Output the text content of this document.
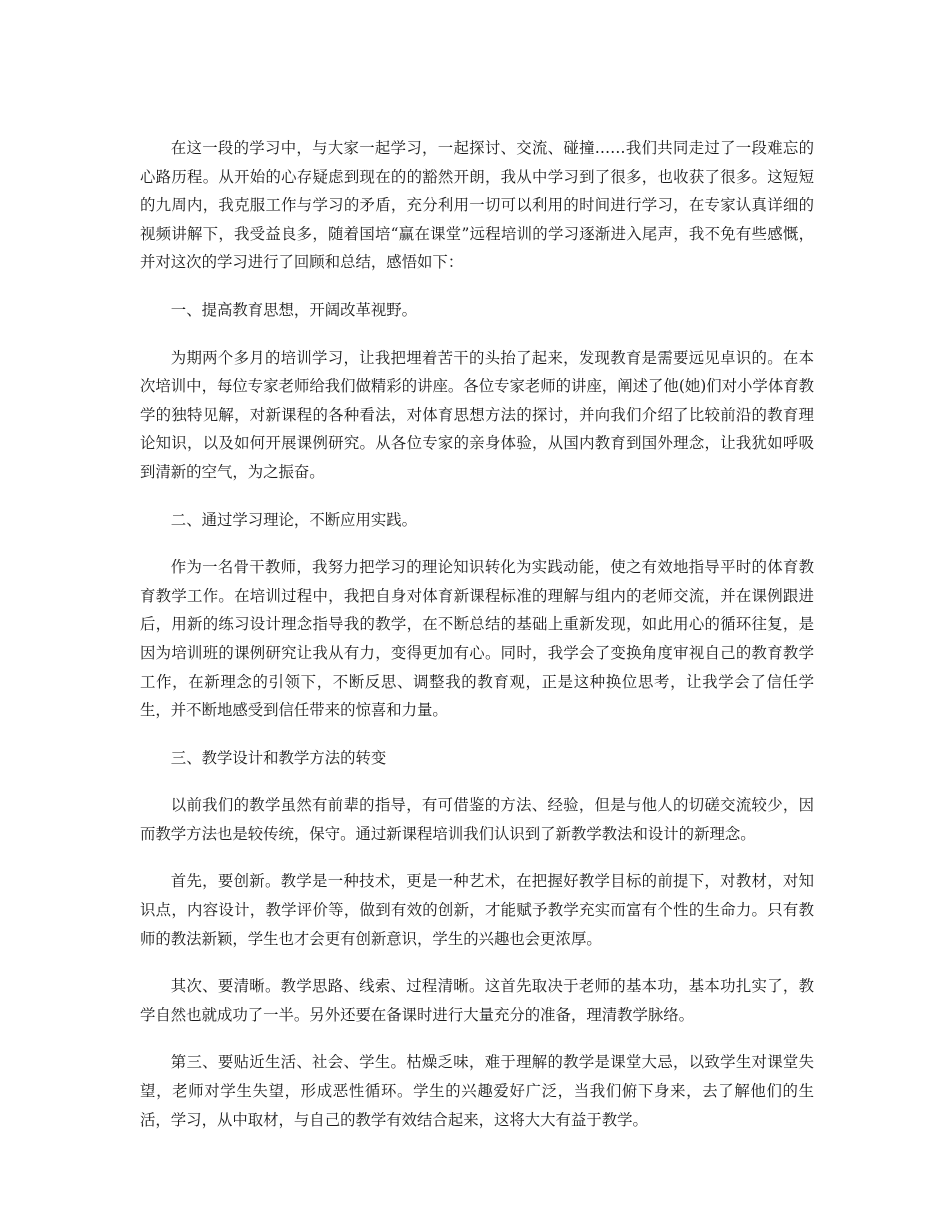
在这一段的学习中，与大家一起学习，一起探讨、交流、碰撞……我们共同走过了一段难忘的心路历程。从开始的心存疑虑到现在的的豁然开朗，我从中学习到了很多，也收获了很多。这短短的九周内，我克服工作与学习的矛盾，充分利用一切可以利用的时间进行学习，在专家认真详细的视频讲解下，我受益良多，随着国培“赢在课堂”远程培训的学习逐渐进入尾声，我不免有些感慨，并对这次的学习进行了回顾和总结，感悟如下：

一、提高教育思想，开阔改革视野。

为期两个多月的培训学习，让我把埋着苦干的头抬了起来，发现教育是需要远见卓识的。在本次培训中，每位专家老师给我们做精彩的讲座。各位专家老师的讲座，阐述了他(她)们对小学体育教学的独特见解，对新课程的各种看法，对体育思想方法的探讨，并向我们介绍了比较前沿的教育理论知识，以及如何开展课例研究。从各位专家的亲身体验，从国内教育到国外理念，让我犹如呼吸到清新的空气，为之振奋。

二、通过学习理论，不断应用实践。

作为一名骨干教师，我努力把学习的理论知识转化为实践动能，使之有效地指导平时的体育教育教学工作。在培训过程中，我把自身对体育新课程标准的理解与组内的老师交流，并在课例跟进后，用新的练习设计理念指导我的教学，在不断总结的基础上重新发现，如此用心的循环往复，是因为培训班的课例研究让我从有力，变得更加有心。同时，我学会了变换角度审视自己的教育教学工作，在新理念的引领下，不断反思、调整我的教育观，正是这种换位思考，让我学会了信任学生，并不断地感受到信任带来的惊喜和力量。

三、教学设计和教学方法的转变

以前我们的教学虽然有前辈的指导，有可借鉴的方法、经验，但是与他人的切磋交流较少，因而教学方法也是较传统，保守。通过新课程培训我们认识到了新教学教法和设计的新理念。

首先，要创新。教学是一种技术，更是一种艺术，在把握好教学目标的前提下，对教材，对知识点，内容设计，教学评价等，做到有效的创新，才能赋予教学充实而富有个性的生命力。只有教师的教法新颖，学生也才会更有创新意识，学生的兴趣也会更浓厚。

其次、要清晰。教学思路、线索、过程清晰。这首先取决于老师的基本功，基本功扎实了，教学自然也就成功了一半。另外还要在备课时进行大量充分的准备，理清教学脉络。

第三、要贴近生活、社会、学生。枯燥乏味，难于理解的教学是课堂大忌，以致学生对课堂失望，老师对学生失望，形成恶性循环。学生的兴趣爱好广泛，当我们俯下身来，去了解他们的生活，学习，从中取材，与自己的教学有效结合起来，这将大大有益于教学。
